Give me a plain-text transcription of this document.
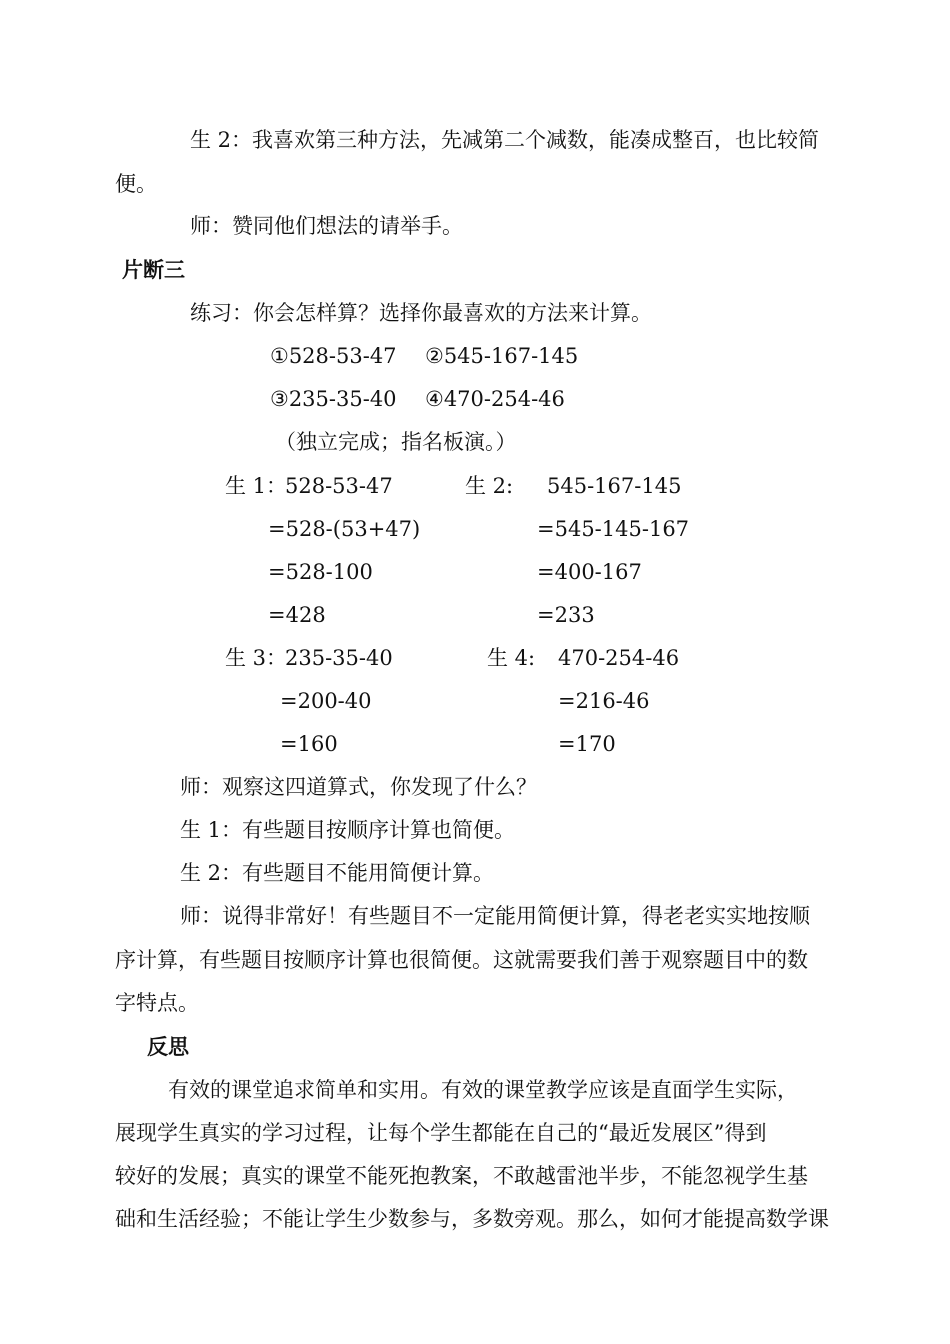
生 2：我喜欢第三种方法，先减第二个减数，能凑成整百，也比较简
便。
师：赞同他们想法的请举手。
片断三
练习：你会怎样算？选择你最喜欢的方法来计算。
①528-53-47 ②545-167-145
③235-35-40 ④470-254-46
（独立完成；指名板演。）
生 1：
528-53-47
=528-(53+47)
=528-100
=428
生 2: 545-167-145
=545-145-167
=400-167
=233
生 3：
235-35-40
=200-40
=160
生 4: 470-254-46
=216-46
=170
师：观察这四道算式，你发现了什么？
生 1：有些题目按顺序计算也简便。
生 2：有些题目不能用简便计算。
师：说得非常好！有些题目不一定能用简便计算，得老老实实地按顺
序计算，有些题目按顺序计算也很简便。这就需要我们善于观察题目中的数
字特点。
反思
有效的课堂追求简单和实用。有效的课堂教学应该是直面学生实际，
展现学生真实的学习过程，让每个学生都能在自己的“最近发展区”得到
较好的发展；真实的课堂不能死抱教案，不敢越雷池半步，不能忽视学生基
础和生活经验；不能让学生少数参与，多数旁观。那么，如何才能提高数学课
